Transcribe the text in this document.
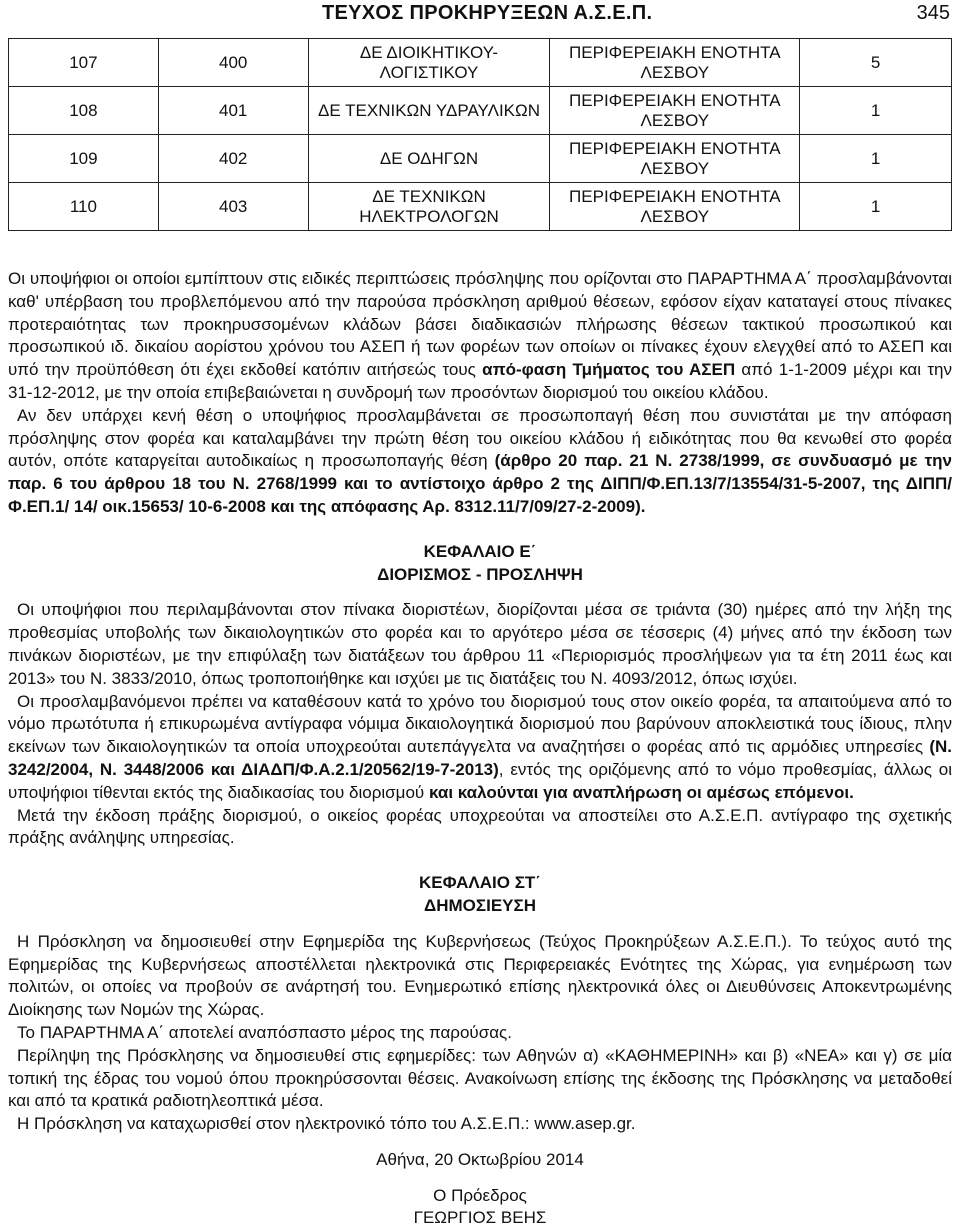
ΤΕΥΧΟΣ ΠΡΟΚΗΡΥΞΕΩΝ Α.Σ.Ε.Π.	345
107	400	ΔΕ ΔΙΟΙΚΗΤΙΚΟΥ-ΛΟΓΙΣΤΙΚΟΥ	ΠΕΡΙΦΕΡΕΙΑΚΗ ΕΝΟΤΗΤΑ ΛΕΣΒΟΥ	5
108	401	ΔΕ ΤΕΧΝΙΚΩΝ ΥΔΡΑΥΛΙΚΩΝ	ΠΕΡΙΦΕΡΕΙΑΚΗ ΕΝΟΤΗΤΑ ΛΕΣΒΟΥ	1
109	402	ΔΕ ΟΔΗΓΩΝ	ΠΕΡΙΦΕΡΕΙΑΚΗ ΕΝΟΤΗΤΑ ΛΕΣΒΟΥ	1
110	403	ΔΕ ΤΕΧΝΙΚΩΝ ΗΛΕΚΤΡΟΛΟΓΩΝ	ΠΕΡΙΦΕΡΕΙΑΚΗ ΕΝΟΤΗΤΑ ΛΕΣΒΟΥ	1

Οι υποψήφιοι οι οποίοι εμπίπτουν στις ειδικές περιπτώσεις πρόσληψης που ορίζονται στο ΠΑΡΑΡΤΗΜΑ Α΄ προσλαμβάνονται καθ' υπέρβαση του προβλεπόμενου από την παρούσα πρόσκληση αριθμού θέσεων, εφόσον είχαν καταταγεί στους πίνακες προτεραιότητας των προκηρυσσομένων κλάδων βάσει διαδικασιών πλήρωσης θέσεων τακτικού προσωπικού και προσωπικού ιδ. δικαίου αορίστου χρόνου του ΑΣΕΠ ή των φορέων των οποίων οι πίνακες έχουν ελεγχθεί από το ΑΣΕΠ και υπό την προϋπόθεση ότι έχει εκδοθεί κατόπιν αιτήσεώς τους από-φαση Τμήματος του ΑΣΕΠ από 1-1-2009 μέχρι και την 31-12-2012, με την οποία επιβεβαιώνεται η συνδρομή των προσόντων διορισμού του οικείου κλάδου.

Αν δεν υπάρχει κενή θέση ο υποψήφιος προσλαμβάνεται σε προσωποπαγή θέση που συνιστάται με την απόφαση πρόσληψης στον φορέα και καταλαμβάνει την πρώτη θέση του οικείου κλάδου ή ειδικότητας που θα κενωθεί στο φορέα αυτόν, οπότε καταργείται αυτοδικαίως η προσωποπαγής θέση (άρθρο 20 παρ. 21 Ν. 2738/1999, σε συνδυασμό με την παρ. 6 του άρθρου 18 του Ν. 2768/1999 και το αντίστοιχο άρθρο 2 της ΔΙΠΠ/Φ.ΕΠ.13/7/13554/31-5-2007, της ΔΙΠΠ/Φ.ΕΠ.1/ 14/ οικ.15653/ 10-6-2008 και της απόφασης Αρ. 8312.11/7/09/27-2-2009).

ΚΕΦΑΛΑΙΟ Ε΄

ΔΙΟΡΙΣΜΟΣ - ΠΡΟΣΛΗΨΗ

Οι υποψήφιοι που περιλαμβάνονται στον πίνακα διοριστέων, διορίζονται μέσα σε τριάντα (30) ημέρες από την λήξη της προθεσμίας υποβολής των δικαιολογητικών στο φορέα και το αργότερο μέσα σε τέσσερις (4) μήνες από την έκδοση των πινάκων διοριστέων, με την επιφύλαξη των διατάξεων του άρθρου 11 «Περιορισμός προσλήψεων για τα έτη 2011 έως και 2013» του Ν. 3833/2010, όπως τροποποιήθηκε και ισχύει με τις διατάξεις του Ν. 4093/2012, όπως ισχύει.

Οι προσλαμβανόμενοι πρέπει να καταθέσουν κατά το χρόνο του διορισμού τους στον οικείο φορέα, τα απαιτούμενα από το νόμο πρωτότυπα ή επικυρωμένα αντίγραφα νόμιμα δικαιολογητικά διορισμού που βαρύνουν αποκλειστικά τους ίδιους, πλην εκείνων των δικαιολογητικών τα οποία υποχρεούται αυτεπάγγελτα να αναζητήσει ο φορέας από τις αρμόδιες υπηρεσίες (Ν. 3242/2004, Ν. 3448/2006 και ΔΙΑΔΠ/Φ.Α.2.1/20562/19-7-2013), εντός της οριζόμενης από το νόμο προθεσμίας, άλλως οι υποψήφιοι τίθενται εκτός της διαδικασίας του διορισμού και καλούνται για αναπλήρωση οι αμέσως επόμενοι.

Μετά την έκδοση πράξης διορισμού, ο οικείος φορέας υποχρεούται να αποστείλει στο Α.Σ.Ε.Π. αντίγραφο της σχετικής πράξης ανάληψης υπηρεσίας.

ΚΕΦΑΛΑΙΟ ΣΤ΄

ΔΗΜΟΣΙΕΥΣΗ

Η Πρόσκληση να δημοσιευθεί στην Εφημερίδα της Κυβερνήσεως (Τεύχος Προκηρύξεων Α.Σ.Ε.Π.). Το τεύχος αυτό της Εφημερίδας της Κυβερνήσεως αποστέλλεται ηλεκτρονικά στις Περιφερειακές Ενότητες της Χώρας, για ενημέρωση των πολιτών, οι οποίες να προβούν σε ανάρτησή του. Ενημερωτικό επίσης ηλεκτρονικά όλες οι Διευθύνσεις Αποκεντρωμένης Διοίκησης των Νομών της Χώρας.

Το ΠΑΡΑΡΤΗΜΑ Α΄ αποτελεί αναπόσπαστο μέρος της παρούσας.

Περίληψη της Πρόσκλησης να δημοσιευθεί στις εφημερίδες: των Αθηνών α) «ΚΑΘΗΜΕΡΙΝΗ» και β) «ΝΕΑ» και γ) σε μία τοπική της έδρας του νομού όπου προκηρύσσονται θέσεις. Ανακοίνωση επίσης της έκδοσης της Πρόσκλησης να μεταδοθεί και από τα κρατικά ραδιοτηλεοπτικά μέσα.

Η Πρόσκληση να καταχωρισθεί στον ηλεκτρονικό τόπο του Α.Σ.Ε.Π.: www.asep.gr.

Αθήνα, 20 Οκτωβρίου 2014

Ο Πρόεδρος

ΓΕΩΡΓΙΟΣ ΒΕΗΣ
